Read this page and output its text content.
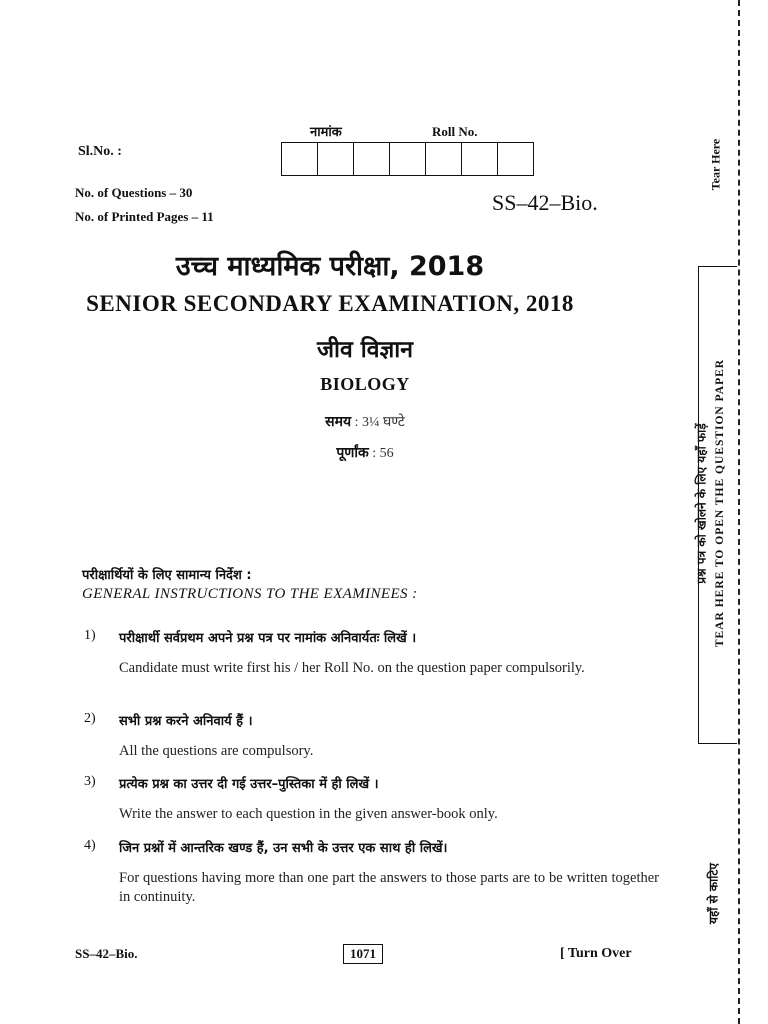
Sl.No. :
नामांक	Roll No.
No. of Questions – 30
No. of Printed Pages – 11
SS–42–Bio.
उच्च माध्यमिक परीक्षा, 2018
SENIOR SECONDARY EXAMINATION, 2018
जीव विज्ञान
BIOLOGY
समय : 3¼ घण्टे
पूर्णांक : 56
परीक्षार्थियों के लिए सामान्य निर्देश :
GENERAL INSTRUCTIONS TO THE EXAMINEES :
1) परीक्षार्थी सर्वप्रथम अपने प्रश्न पत्र पर नामांक अनिवार्यतः लिखें ।
Candidate must write first his / her Roll No. on the question paper compulsorily.
2) सभी प्रश्न करने अनिवार्य हैं ।
All the questions are compulsory.
3) प्रत्येक प्रश्न का उत्तर दी गई उत्तर–पुस्तिका में ही लिखें ।
Write the answer to each question in the given answer-book only.
4) जिन प्रश्नों में आन्तरिक खण्ड हैं, उन सभी के उत्तर एक साथ ही लिखें।
For questions having more than one part the answers to those parts are to be written together in continuity.
SS–42–Bio.	1071	[ Turn Over
Tear Here
प्रश्न पत्र को खोलने के लिए यहाँ फाड़ें TEAR HERE TO OPEN THE QUESTION PAPER
यहाँ से काटिए
